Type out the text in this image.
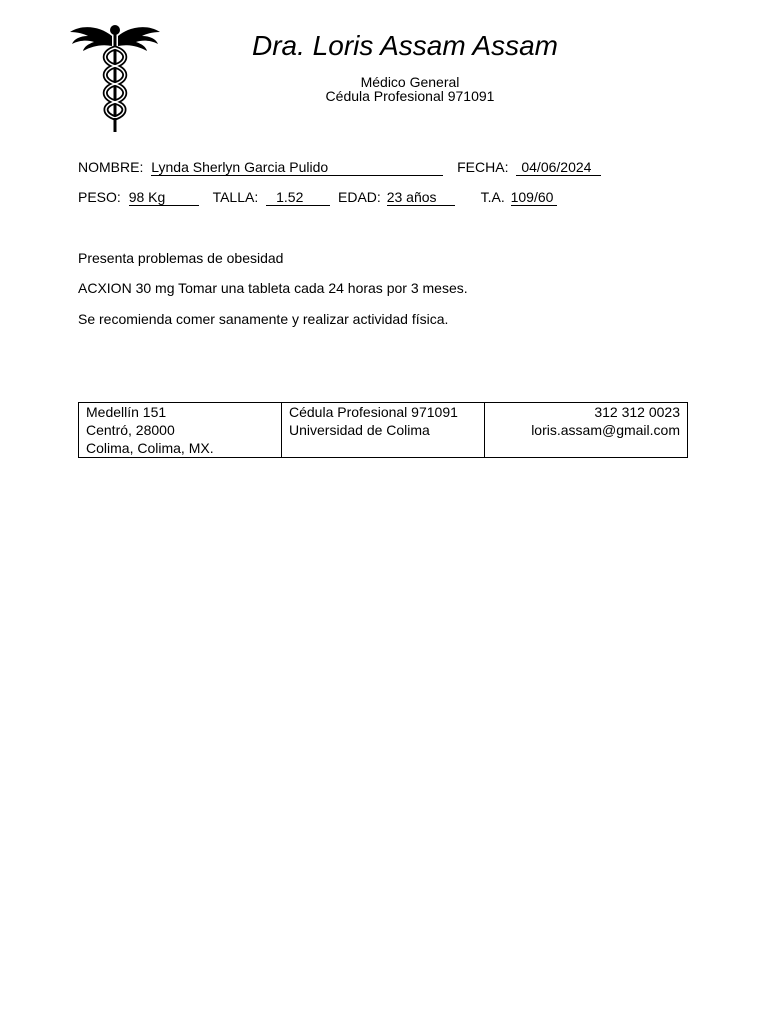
Dra. Loris Assam Assam
Médico General
Cédula Profesional 971091
NOMBRE: Lynda Sherlyn Garcia Pulido	FECHA: 04/06/2024
PESO: 98 Kg	TALLA: 1.52 EDAD: 23 años	T.A. 109/60
Presenta problemas de obesidad
ACXION 30 mg Tomar una tableta cada 24 horas por 3 meses.
Se recomienda comer sanamente y realizar actividad física.
Medellín 151
Centró, 28000
Colima, Colima, MX.

Cédula Profesional 971091
Universidad de Colima

312 312 0023
loris.assam@gmail.com
